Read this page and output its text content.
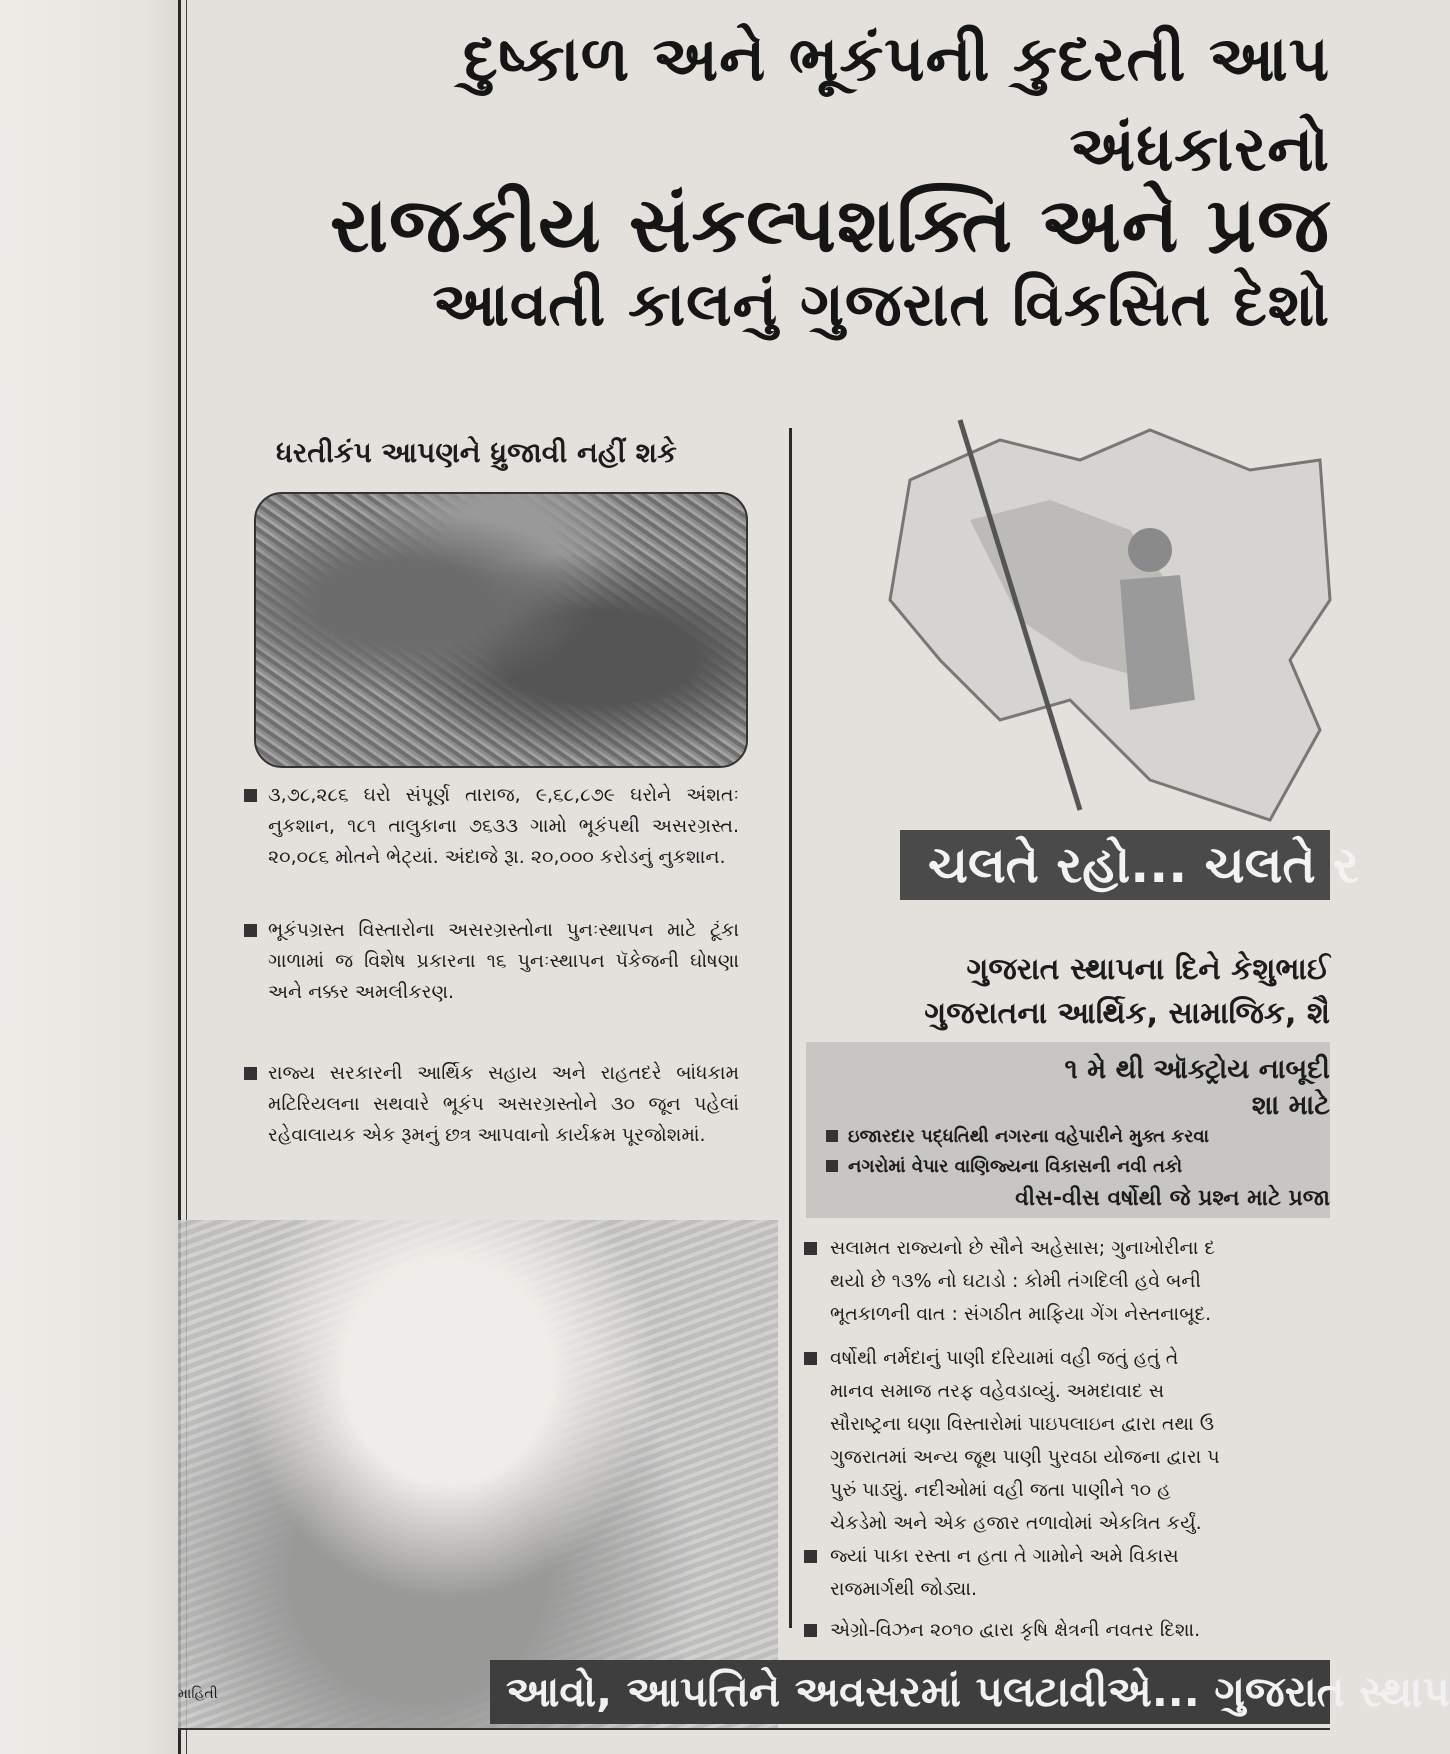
દુષ્કાળ અને ભૂકંપની કુદરતી આપ
અંધકારનો
રાજકીય સંકલ્પશક્તિ અને પ્રજ
આવતી કાલનું ગુજરાત વિકસિત દેશો
ધરતીકંપ આપણને ધ્રુજાવી નહીં શકે

૩,૭૮,૨૮૬ ઘરો સંપૂર્ણ તારાજ, ૯,૬૮,૮૭૯ ઘરોને અંશતઃ નુકશાન, ૧૮૧ તાલુકાના ૭૬૩૩ ગામો ભૂકંપથી અસરગ્રસ્ત. ૨૦,૦૮૬ મોતને ભેટ્યાં. અંદાજે રૂા. ૨૦,૦૦૦ કરોડનું નુકશાન.

ભૂકંપગ્રસ્ત વિસ્તારોના અસરગ્રસ્તોના પુનઃસ્થાપન માટે ટૂંકા ગાળામાં જ વિશેષ પ્રકારના ૧૬ પુનઃસ્થાપન પૅકેજની ઘોષણા અને નક્કર અમલીકરણ.

રાજ્ય સરકારની આર્થિક સહાય અને રાહતદરે બાંધકામ મટિરિયલના સથવારે ભૂકંપ અસરગ્રસ્તોને ૩૦ જૂન પહેલાં રહેવાલાયક એક રૂમનું છત્ર આપવાનો કાર્યક્રમ પૂરજોશમાં.

માહિતી
ચલતે રહો... ચલતે ર
ગુજરાત સ્થાપના દિને કેશુભાઈ
ગુજરાતના આર્થિક, સામાજિક, શૈ
૧ મે થી ઑક્ટ્રોય નાબૂદી
શા માટે
ઇજારદાર પદ્ધતિથી નગરના વહેપારીને મુક્ત કરવા
નગરોમાં વેપાર વાણિજ્યના વિકાસની નવી તકો
વીસ-વીસ વર્ષોથી જે પ્રશ્ન માટે પ્રજા
સલામત રાજ્યનો છે સૌને અહેસાસ; ગુનાખોરીના દ
થયો છે ૧૩% નો ઘટાડો : કોમી તંગદિલી હવે બની
ભૂતકાળની વાત : સંગઠીત માફિયા ગેંગ નેસ્તનાબૂદ.
વર્ષોથી નર્મદાનું પાણી દરિયામાં વહી જતું હતું તે
માનવ સમાજ તરફ વહેવડાવ્યું. અમદાવાદ સ
સૌરાષ્ટ્રના ઘણા વિસ્તારોમાં પાઇપલાઇન દ્વારા તથા ઉ
ગુજરાતમાં અન્ય જૂથ પાણી પુરવઠા યોજના દ્વારા પ
પુરું પાડ્યું. નદીઓમાં વહી જતા પાણીને ૧૦ હ
ચેકડેમો અને એક હજાર તળાવોમાં એકત્રિત કર્યું.
જ્યાં પાકા રસ્તા ન હતા તે ગામોને અમે વિકાસ
રાજમાર્ગથી જોડ્યા.
એગ્રો-વિઝન ૨૦૧૦ દ્વારા કૃષિ ક્ષેત્રની નવતર દિશા.
આવો, આપત્તિને અવસરમાં પલટાવીએ... ગુજરાત સ્થાપ
